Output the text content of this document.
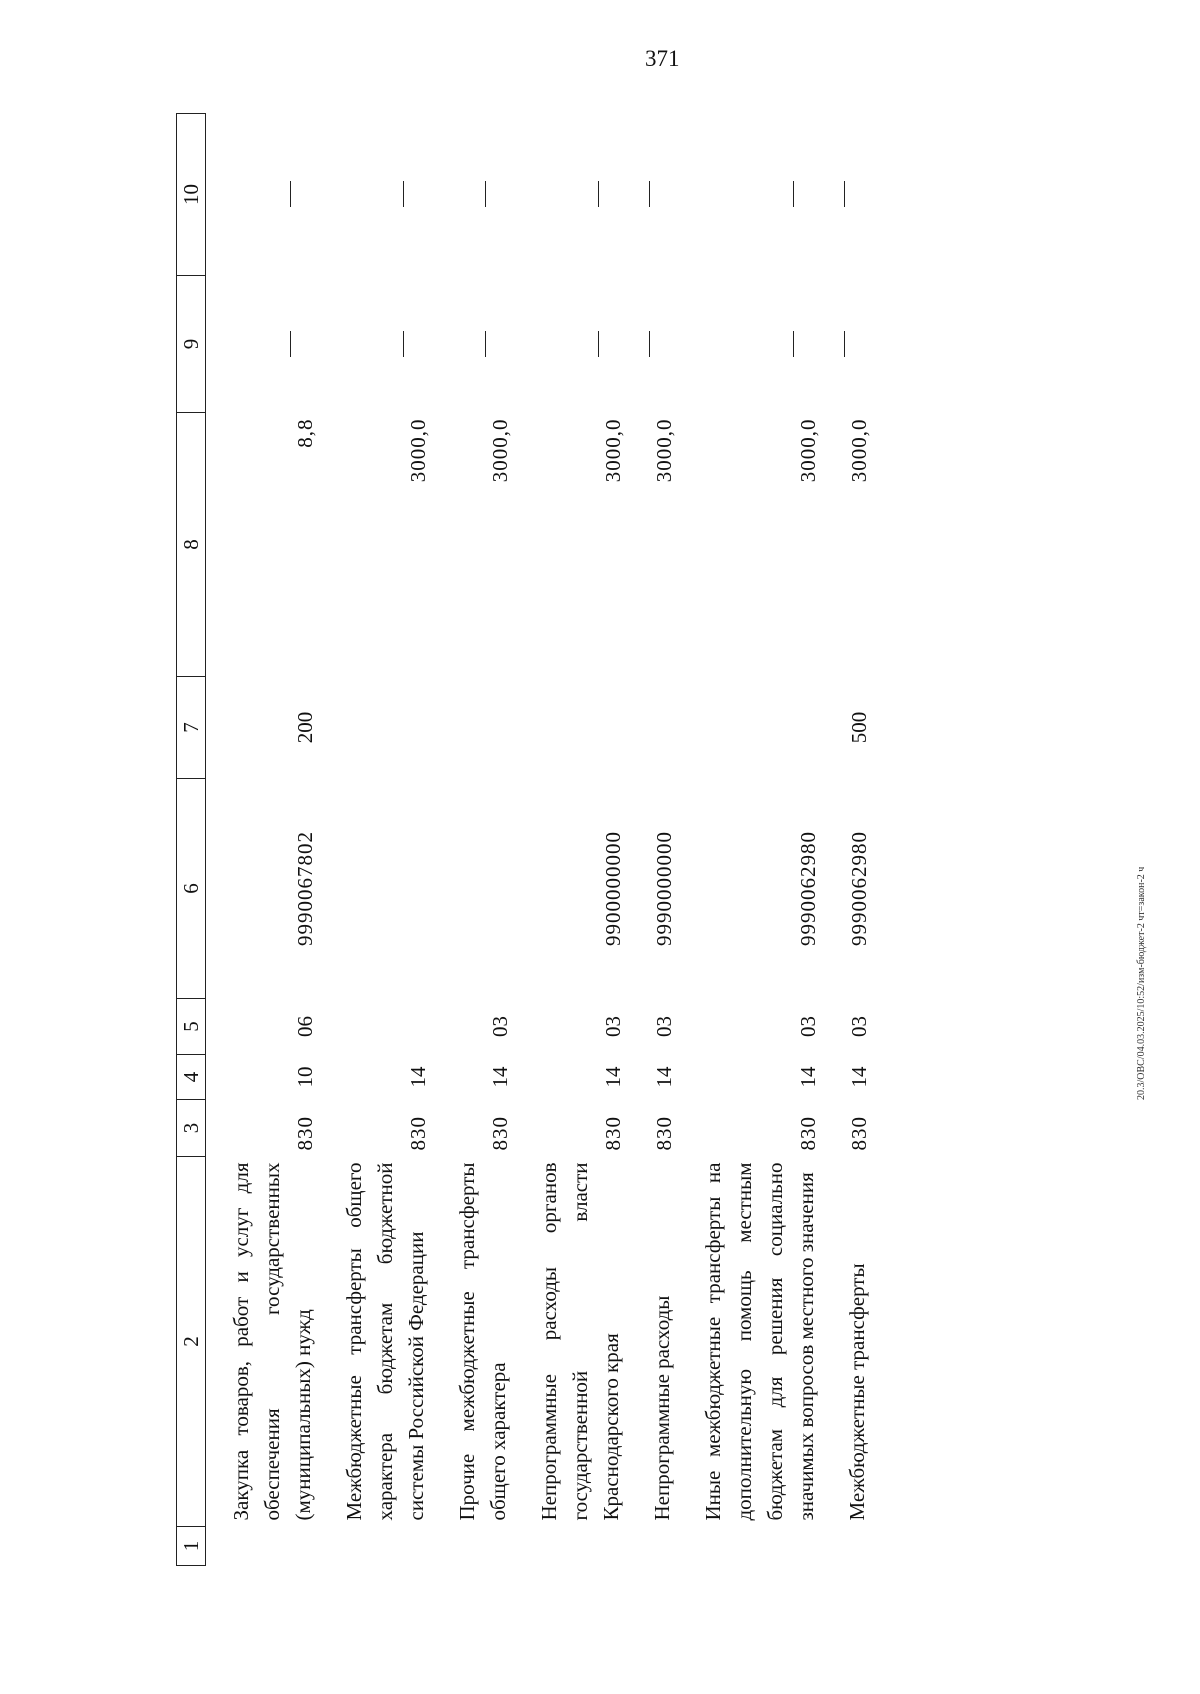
371
20.3/ОВС/04.03.2025/10:52/изм-бюджет-2 чт=закон-2 ч
1	2	3	4	5	6	7	8	9	10
	Закупка товаров, работ и услуг для обеспечения государственных (муниципальных) нужд	830	10	06	9990067802	200	8,8		
	Межбюджетные трансферты общего характера бюджетам бюджетной системы Российской Федерации	830	14				3000,0		
	Прочие межбюджетные трансферты общего характера	830	14	03			3000,0		
	Непрограммные расходы органов государственной власти Краснодарского края	830	14	03	9900000000		3000,0		
	Непрограммные расходы	830	14	03	9990000000		3000,0		
	Иные межбюджетные трансферты на дополнительную помощь местным бюджетам для решения социально значимых вопросов местного значения	830	14	03	9990062980		3000,0		
	Межбюджетные трансферты	830	14	03	9990062980	500	3000,0		
